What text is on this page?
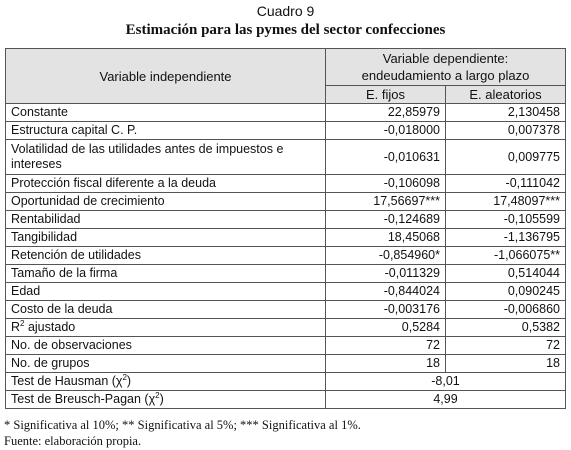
Cuadro 9
Estimación para las pymes del sector confecciones
Variable independiente	Variable dependiente:
endeudamiento a largo plazo	

	E. fijos	E. aleatorios
Constante	22,85979	2,130458
Estructura capital C. P.	-0,018000	0,007378
Volatilidad de las utilidades antes de impuestos e intereses	-0,010631	0,009775
Protección fiscal diferente a la deuda	-0,106098	-0,111042
Oportunidad de crecimiento	17,56697***	17,48097***
Rentabilidad	-0,124689	-0,105599
Tangibilidad	18,45068	-1,136795
Retención de utilidades	-0,854960*	-1,066075**
Tamaño de la firma	-0,011329	0,514044
Edad	-0,844024	0,090245
Costo de la deuda	-0,003176	-0,006860
$R^2$ ajustado	0,5284	0,5382
No. de observaciones	72	72
No. de grupos	18	18
Test de Hausman $(\chi^2)$	-8,01	
Test de Breusch-Pagan $(\chi^2)$	4,99	
* Significativa al 10%; ** Significativa al 5%; *** Significativa al 1%.
Fuente: elaboración propia.
